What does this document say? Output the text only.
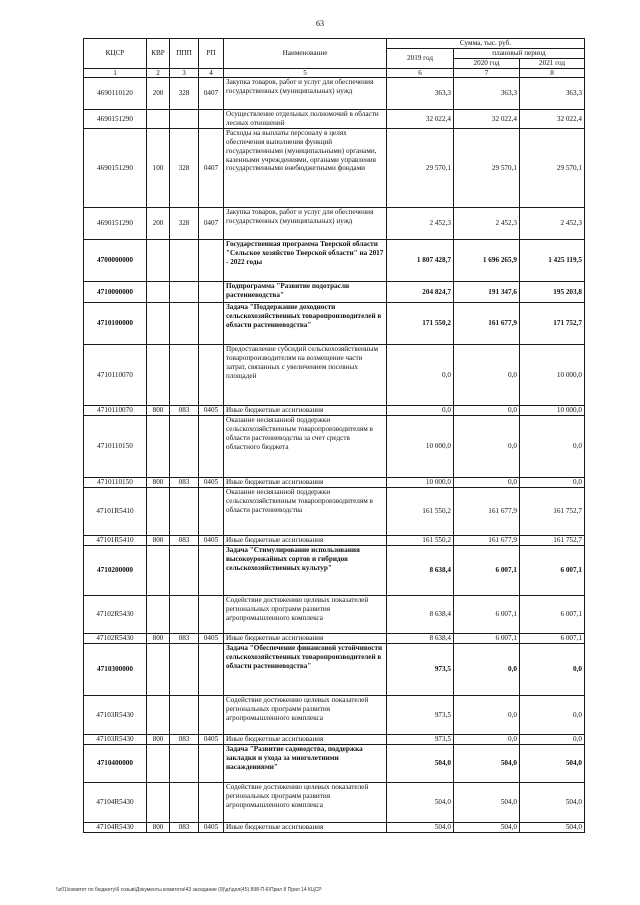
63
КЦСР	КВР	ППП	РП	Наименование	Сумма, тыс. руб.		
					2019 год	плановый период	
						2020 год	2021 год
1	2	3	4	5	6	7	8
4690110120	200	328	0407	Закупка товаров, работ и услуг для обеспечения государственных (муниципальных) нужд	363,3	363,3	363,3
4690151290				Осуществление отдельных полномочий в области лесных отношений	32 022,4	32 022,4	32 022,4
4690151290	100	328	0407	Расходы на выплаты персоналу в целях обеспечения выполнения функций государственными (муниципальными) органами, казенными учреждениями, органами управления государственными внебюджетными фондами	29 570,1	29 570,1	29 570,1
4690151290	200	328	0407	Закупка товаров, работ и услуг для обеспечения государственных (муниципальных) нужд	2 452,3	2 452,3	2 452,3
4700000000				Государственная программа Тверской области "Сельское хозяйство Тверской области" на 2017 - 2022 годы	1 807 428,7	1 696 265,9	1 425 119,5
4710000000				Подпрограмма "Развитие подотрасли растениеводства"	204 824,7	191 347,6	195 203,8
4710100000				Задача "Поддержание доходности сельскохозяйственных товаропроизводителей в области растениеводства"	171 550,2	161 677,9	171 752,7
4710110070				Предоставление субсидий сельскохозяйственным товаропроизводителям на возмещение части затрат, связанных с увеличением посевных площадей	0,0	0,0	10 000,0
4710110070	800	083	0405	Иные бюджетные ассигнования	0,0	0,0	10 000,0
4710110150				Оказание несвязанной поддержки сельскохозяйственным товаропроизводителям в области растениеводства за счет средств областного бюджета	10 000,0	0,0	0,0
4710110150	800	083	0405	Иные бюджетные ассигнования	10 000,0	0,0	0,0
47101R5410				Оказание несвязанной поддержки сельскохозяйственным товаропроизводителям в области растениеводства	161 550,2	161 677,9	161 752,7
47101R5410	800	083	0405	Иные бюджетные ассигнования	161 550,2	161 677,9	161 752,7
4710200000				Задача "Стимулирование использования высокоурожайных сортов и гибридов сельскохозяйственных культур"	8 638,4	6 007,1	6 007,1
47102R5430				Содействие достижению целевых показателей региональных программ развития агропромышленного комплекса	8 638,4	6 007,1	6 007,1
47102R5430	800	083	0405	Иные бюджетные ассигнования	8 638,4	6 007,1	6 007,1
4710300000				Задача "Обеспечение финансовой устойчивости сельскохозяйственных товаропроизводителей в области растениеводства"	973,5	0,0	0,0
47103R5430				Содействие достижению целевых показателей региональных программ развития агропромышленного комплекса	973,5	0,0	0,0
47103R5430	800	083	0405	Иные бюджетные ассигнования	973,5	0,0	0,0
4710400000				Задача "Развитие садоводства, поддержка закладки и ухода за многолетними насаждениями"	504,0	504,0	504,0
47104R5430				Содействие достижению целевых показателей региональных программ развития агропромышленного комплекса	504,0	504,0	504,0
47104R5430	800	083	0405	Иные бюджетные ассигнования	504,0	504,0	504,0
\\z01\комитет по бюджету\6 созыв\Документы комитета\43 заседание (9)\дг\дел(45) 898-П-6\Прил 8 Прил 14 КЦСР
